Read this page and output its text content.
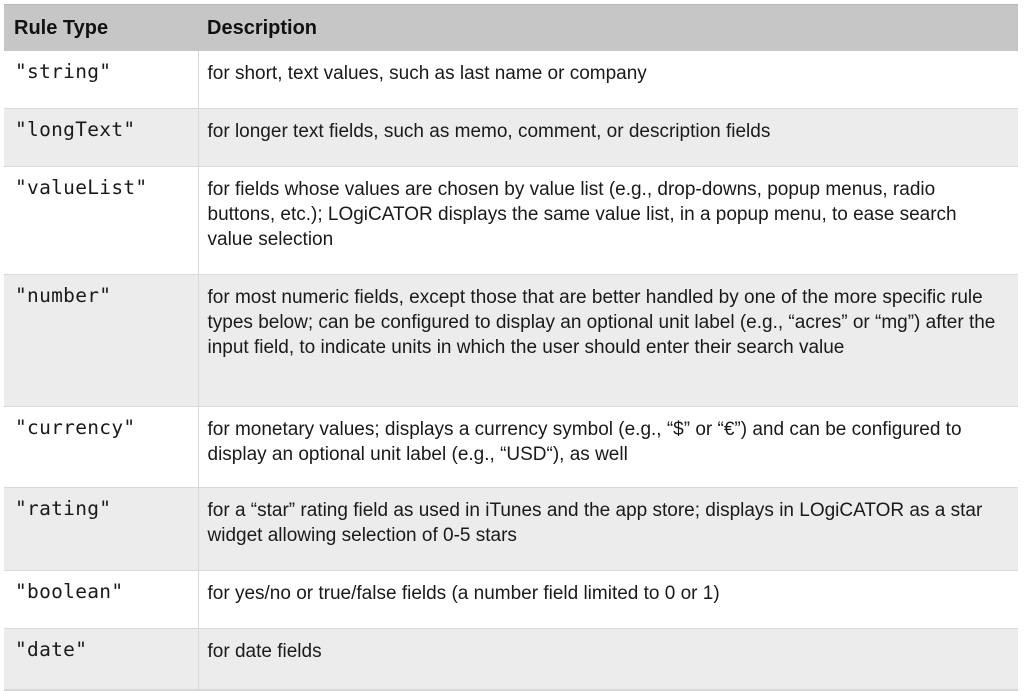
Rule Type	Description
"string"	for short, text values, such as last name or company
"longText"	for longer text fields, such as memo, comment, or description fields
"valueList"	for fields whose values are chosen by value list (e.g., drop-downs, popup menus, radio buttons, etc.); LOgiCATOR displays the same value list, in a popup menu, to ease search value selection
"number"	for most numeric fields, except those that are better handled by one of the more specific rule types below; can be configured to display an optional unit label (e.g., “acres” or “mg”) after the input field, to indicate units in which the user should enter their search value
"currency"	for monetary values; displays a currency symbol (e.g., “$” or “€”) and can be configured to display an optional unit label (e.g., “USD“), as well
"rating"	for a “star” rating field as used in iTunes and the app store; displays in LOgiCATOR as a star widget allowing selection of 0-5 stars
"boolean"	for yes/no or true/false fields (a number field limited to 0 or 1)
"date"	for date fields
